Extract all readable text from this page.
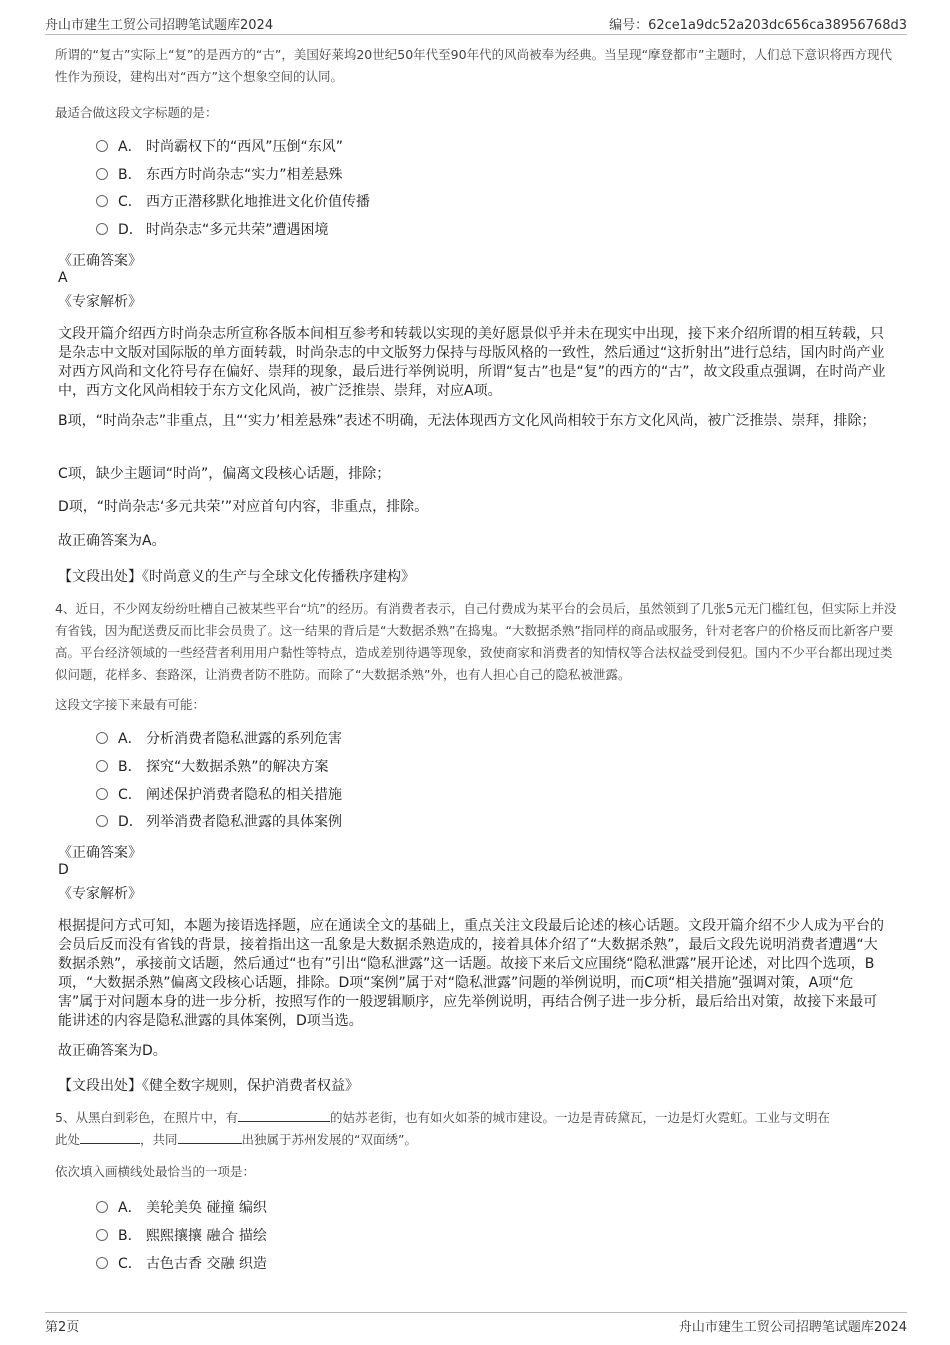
舟山市建生工贸公司招聘笔试题库2024	编号：62ce1a9dc52a203dc656ca38956768d3
所谓的“复古”实际上“复”的是西方的“古”，美国好莱坞20世纪50年代至90年代的风尚被奉为经典。当呈现“摩登都市”主题时，人们总下意识将西方现代性作为预设，建构出对“西方”这个想象空间的认同。
最适合做这段文字标题的是：
A． 时尚霸权下的“西风”压倒“东风”
B． 东西方时尚杂志“实力”相差悬殊
C． 西方正潜移默化地推进文化价值传播
D． 时尚杂志“多元共荣”遭遇困境
《正确答案》
A
《专家解析》
文段开篇介绍西方时尚杂志所宣称各版本间相互参考和转载以实现的美好愿景似乎并未在现实中出现，接下来介绍所谓的相互转载，只是杂志中文版对国际版的单方面转载，时尚杂志的中文版努力保持与母版风格的一致性，然后通过“这折射出”进行总结，国内时尚产业对西方风尚和文化符号存在偏好、崇拜的现象，最后进行举例说明，所谓“复古”也是“复”的西方的“古”，故文段重点强调，在时尚产业中，西方文化风尚相较于东方文化风尚，被广泛推崇、崇拜，对应A项。
B项，“时尚杂志”非重点，且“‘实力’相差悬殊”表述不明确，无法体现西方文化风尚相较于东方文化风尚，被广泛推崇、崇拜，排除；
C项，缺少主题词“时尚”，偏离文段核心话题，排除；
D项，“时尚杂志‘多元共荣’”对应首句内容，非重点，排除。
故正确答案为A。
【文段出处】《时尚意义的生产与全球文化传播秩序建构》
4、近日，不少网友纷纷吐槽自己被某些平台“坑”的经历。有消费者表示，自己付费成为某平台的会员后，虽然领到了几张5元无门槛红包，但实际上并没有省钱，因为配送费反而比非会员贵了。这一结果的背后是“大数据杀熟”在捣鬼。“大数据杀熟”指同样的商品或服务，针对老客户的价格反而比新客户要高。平台经济领域的一些经营者利用用户黏性等特点，造成差别待遇等现象，致使商家和消费者的知情权等合法权益受到侵犯。国内不少平台都出现过类似问题，花样多、套路深，让消费者防不胜防。而除了“大数据杀熟”外，也有人担心自己的隐私被泄露。
这段文字接下来最有可能：
A． 分析消费者隐私泄露的系列危害
B． 探究“大数据杀熟”的解决方案
C． 阐述保护消费者隐私的相关措施
D． 列举消费者隐私泄露的具体案例
《正确答案》
D
《专家解析》
根据提问方式可知，本题为接语选择题，应在通读全文的基础上，重点关注文段最后论述的核心话题。文段开篇介绍不少人成为平台的会员后反而没有省钱的背景，接着指出这一乱象是大数据杀熟造成的，接着具体介绍了“大数据杀熟”，最后文段先说明消费者遭遇“大数据杀熟”，承接前文话题，然后通过“也有”引出“隐私泄露”这一话题。故接下来后文应围绕“隐私泄露”展开论述，对比四个选项，B项，“大数据杀熟”偏离文段核心话题，排除。D项“案例”属于对“隐私泄露”问题的举例说明，而C项“相关措施”强调对策，A项“危害”属于对问题本身的进一步分析，按照写作的一般逻辑顺序，应先举例说明，再结合例子进一步分析，最后给出对策，故接下来最可能讲述的内容是隐私泄露的具体案例，D项当选。
故正确答案为D。
【文段出处】《健全数字规则，保护消费者权益》
5、从黑白到彩色，在照片中，有	的姑苏老街，也有如火如荼的城市建设。一边是青砖黛瓦，一边是灯火霓虹。工业与文明在
此处	，共同	出独属于苏州发展的“双面绣”。
依次填入画横线处最恰当的一项是：
A． 美轮美奂 碰撞 编织
B． 熙熙攘攘 融合 描绘
C． 古色古香 交融 织造
第2页	舟山市建生工贸公司招聘笔试题库2024
